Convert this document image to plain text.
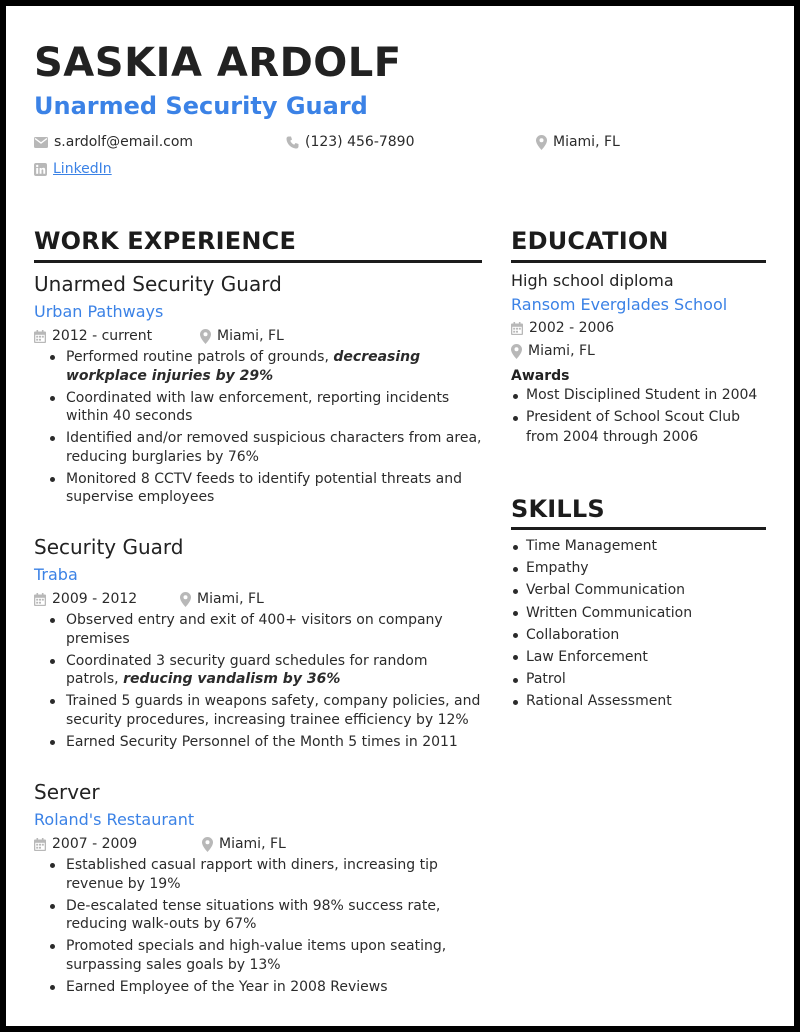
SASKIA ARDOLF
Unarmed Security Guard
s.ardolf@email.com	(123) 456-7890	Miami, FL
LinkedIn
WORK EXPERIENCE	EDUCATION
SKILLS
Unarmed Security Guard
Urban Pathways
2012 - current	Miami, FL
Performed routine patrols of grounds, decreasing workplace injuries by 29%
Coordinated with law enforcement, reporting incidents within 40 seconds
Identified and/or removed suspicious characters from area, reducing burglaries by 76%
Monitored 8 CCTV feeds to identify potential threats and supervise employees
Security Guard
Traba
2009 - 2012	Miami, FL
Observed entry and exit of 400+ visitors on company premises
Coordinated 3 security guard schedules for random patrols, reducing vandalism by 36%
Trained 5 guards in weapons safety, company policies, and security procedures, increasing trainee efficiency by 12%
Earned Security Personnel of the Month 5 times in 2011
Server
Roland's Restaurant
2007 - 2009	Miami, FL
Established casual rapport with diners, increasing tip revenue by 19%
De-escalated tense situations with 98% success rate, reducing walk-outs by 67%
Promoted specials and high-value items upon seating, surpassing sales goals by 13%
Earned Employee of the Year in 2008 Reviews
High school diploma
Ransom Everglades School
2002 - 2006
Miami, FL
Awards
Most Disciplined Student in 2004
President of School Scout Club from 2004 through 2006
Time Management
Empathy
Verbal Communication
Written Communication
Collaboration
Law Enforcement
Patrol
Rational Assessment
